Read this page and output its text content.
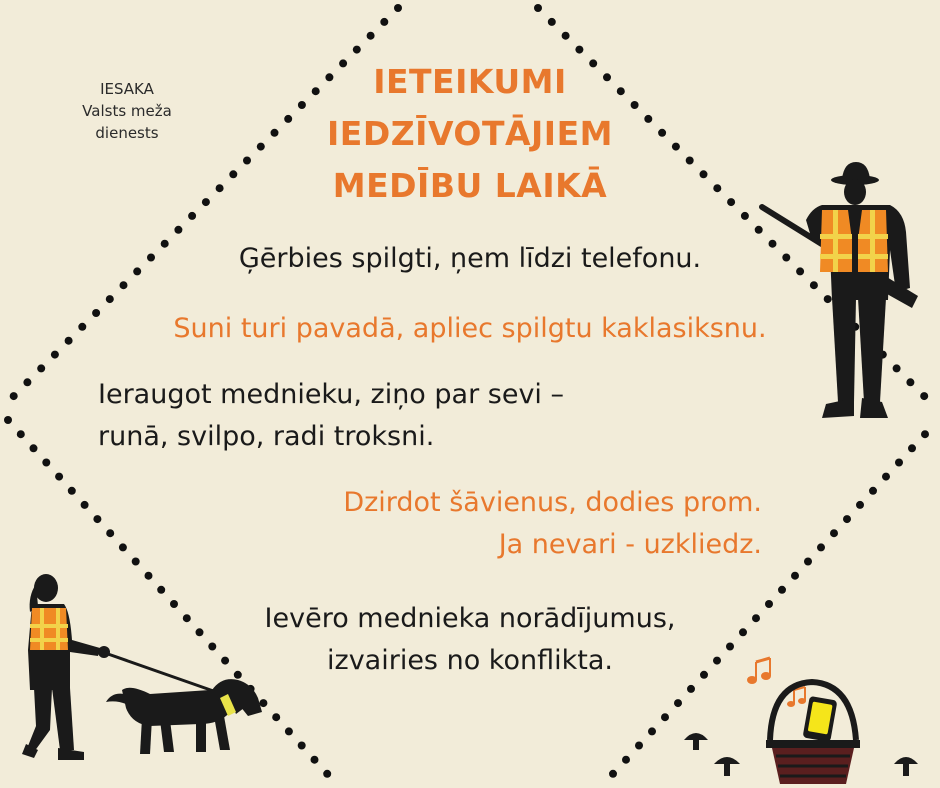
IESAKA
Valsts meža
dienests
IETEIKUMI
IEDZĪVOTĀJIEM
MEDĪBU LAIKĀ
Ģērbies spilgti, ņem līdzi telefonu.
Suni turi pavadā, apliec spilgtu kaklasiksnu.
Ieraugot mednieku, ziņo par sevi –
runā, svilpo, radi troksni.
Dzirdot šāvienus, dodies prom.
Ja nevari - uzkliedz.
Ievēro mednieka norādījumus,
izvairies no konflikta.
